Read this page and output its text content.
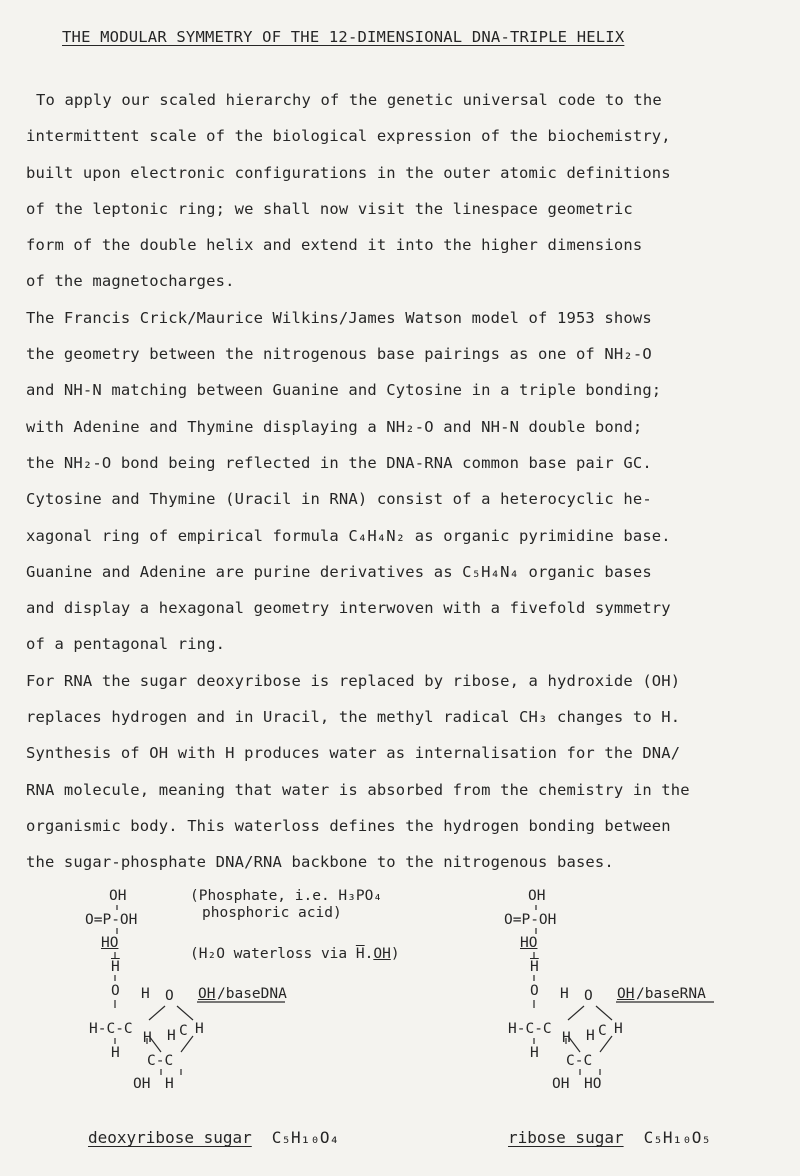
THE MODULAR SYMMETRY OF THE 12-DIMENSIONAL DNA-TRIPLE HELIX
To apply our scaled hierarchy of the genetic universal code to the
intermittent scale of the biological expression of the biochemistry,
built upon electronic configurations in the outer atomic definitions
of the leptonic ring; we shall now visit the linespace geometric
form of the double helix and extend it into the higher dimensions
of the magnetocharges.
The Francis Crick/Maurice Wilkins/James Watson model of 1953 shows
the geometry between the nitrogenous base pairings as one of NH₂-O
and NH-N matching between Guanine and Cytosine in a triple bonding;
with Adenine and Thymine displaying a NH₂-O and NH-N double bond;
the NH₂-O bond being reflected in the DNA-RNA common base pair GC.
Cytosine and Thymine (Uracil in RNA) consist of a heterocyclic he-
xagonal ring of empirical formula C₄H₄N₂ as organic pyrimidine base.
Guanine and Adenine are purine derivatives as C₅H₄N₄ organic bases
and display a hexagonal geometry interwoven with a fivefold symmetry
of a pentagonal ring.
For RNA the sugar deoxyribose is replaced by ribose, a hydroxide (OH)
replaces hydrogen and in Uracil, the methyl radical CH₃ changes to H.
Synthesis of OH with H produces water as internalisation for the DNA/
RNA molecule, meaning that water is absorbed from the chemistry in the
organismic body. This waterloss defines the hydrogen bonding between
the sugar-phosphate DNA/RNA backbone to the nitrogenous bases.
(Phosphate, i.e. H₃PO₄
phosphoric acid)
(H₂O waterloss via $\overline{H}.OH$)
OH
O=P-OH
HO
$\overline{H}$
O H O OH /baseDNA
H-C-C
H H C H
H C-C
OH H
OH
O=P-OH
HO
$\overline{H}$
O H O OH /baseRNA
H-C-C
H H C H
H C-C
OH HO
deoxyribose sugar C₅H₁₀O₄	ribose sugar C₅H₁₀O₅
